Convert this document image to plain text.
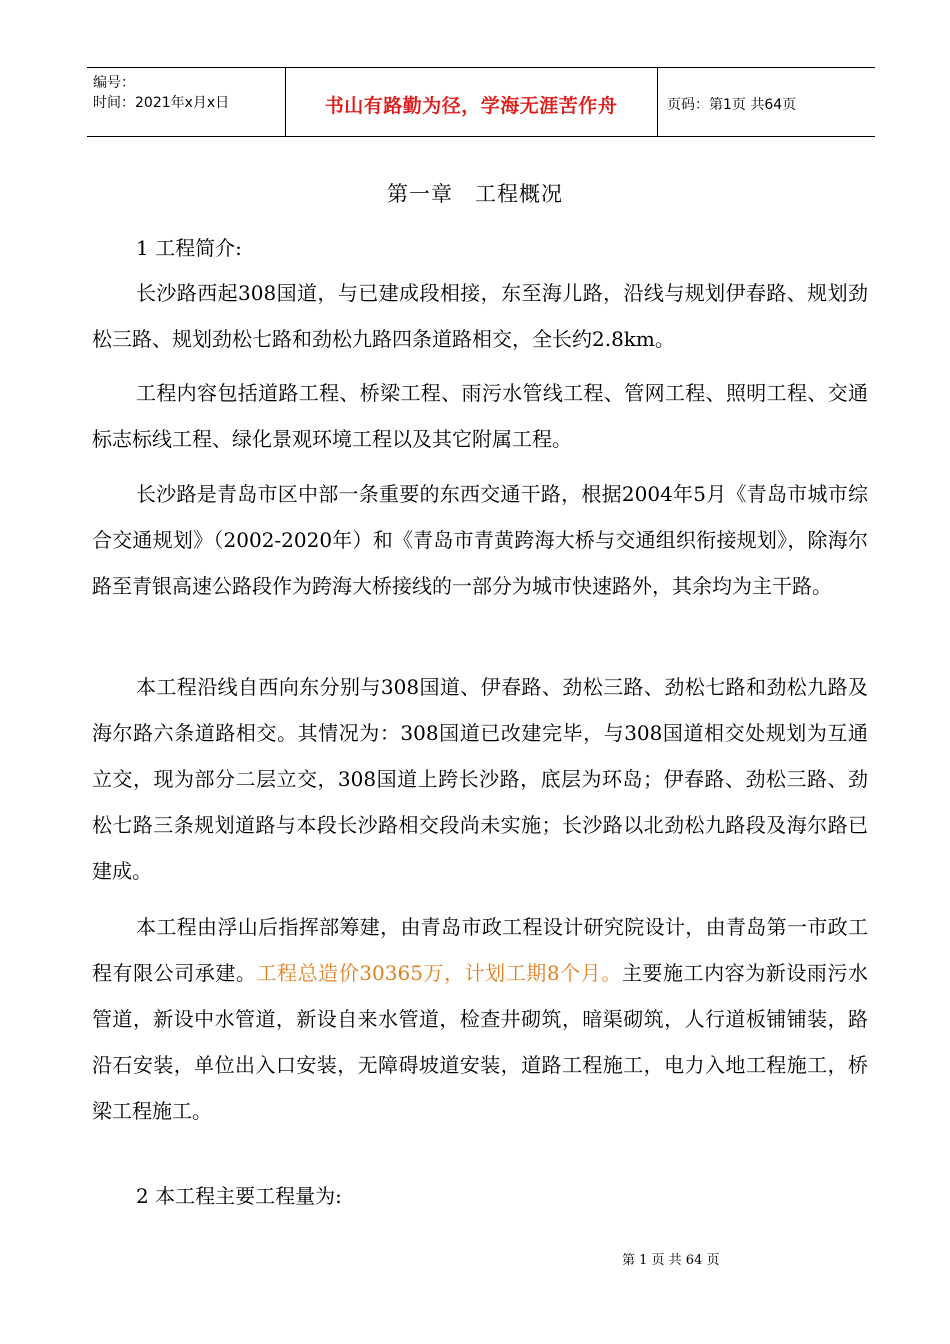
编号：
时间：2021年x月x日	书山有路勤为径，学海无涯苦作舟	页码：第1页 共64页
第一章　工程概况
1 工程简介:
长沙路西起308国道，与已建成段相接，东至海儿路，沿线与规划伊春路、规划劲松三路、规划劲松七路和劲松九路四条道路相交，全长约2.8km。
工程内容包括道路工程、桥梁工程、雨污水管线工程、管网工程、照明工程、交通标志标线工程、绿化景观环境工程以及其它附属工程。
长沙路是青岛市区中部一条重要的东西交通干路，根据2004年5月《青岛市城市综合交通规划》（2002-2020年）和《青岛市青黄跨海大桥与交通组织衔接规划》，除海尔路至青银高速公路段作为跨海大桥接线的一部分为城市快速路外，其余均为主干路。
本工程沿线自西向东分别与308国道、伊春路、劲松三路、劲松七路和劲松九路及海尔路六条道路相交。其情况为：308国道已改建完毕，与308国道相交处规划为互通立交，现为部分二层立交，308国道上跨长沙路，底层为环岛；伊春路、劲松三路、劲松七路三条规划道路与本段长沙路相交段尚未实施；长沙路以北劲松九路段及海尔路已建成。
本工程由浮山后指挥部筹建，由青岛市政工程设计研究院设计，由青岛第一市政工程有限公司承建。工程总造价30365万，计划工期8个月。主要施工内容为新设雨污水管道，新设中水管道，新设自来水管道，检查井砌筑，暗渠砌筑，人行道板铺铺装，路沿石安装，单位出入口安装，无障碍坡道安装，道路工程施工，电力入地工程施工，桥梁工程施工。
2 本工程主要工程量为:
第 1 页 共 64 页
